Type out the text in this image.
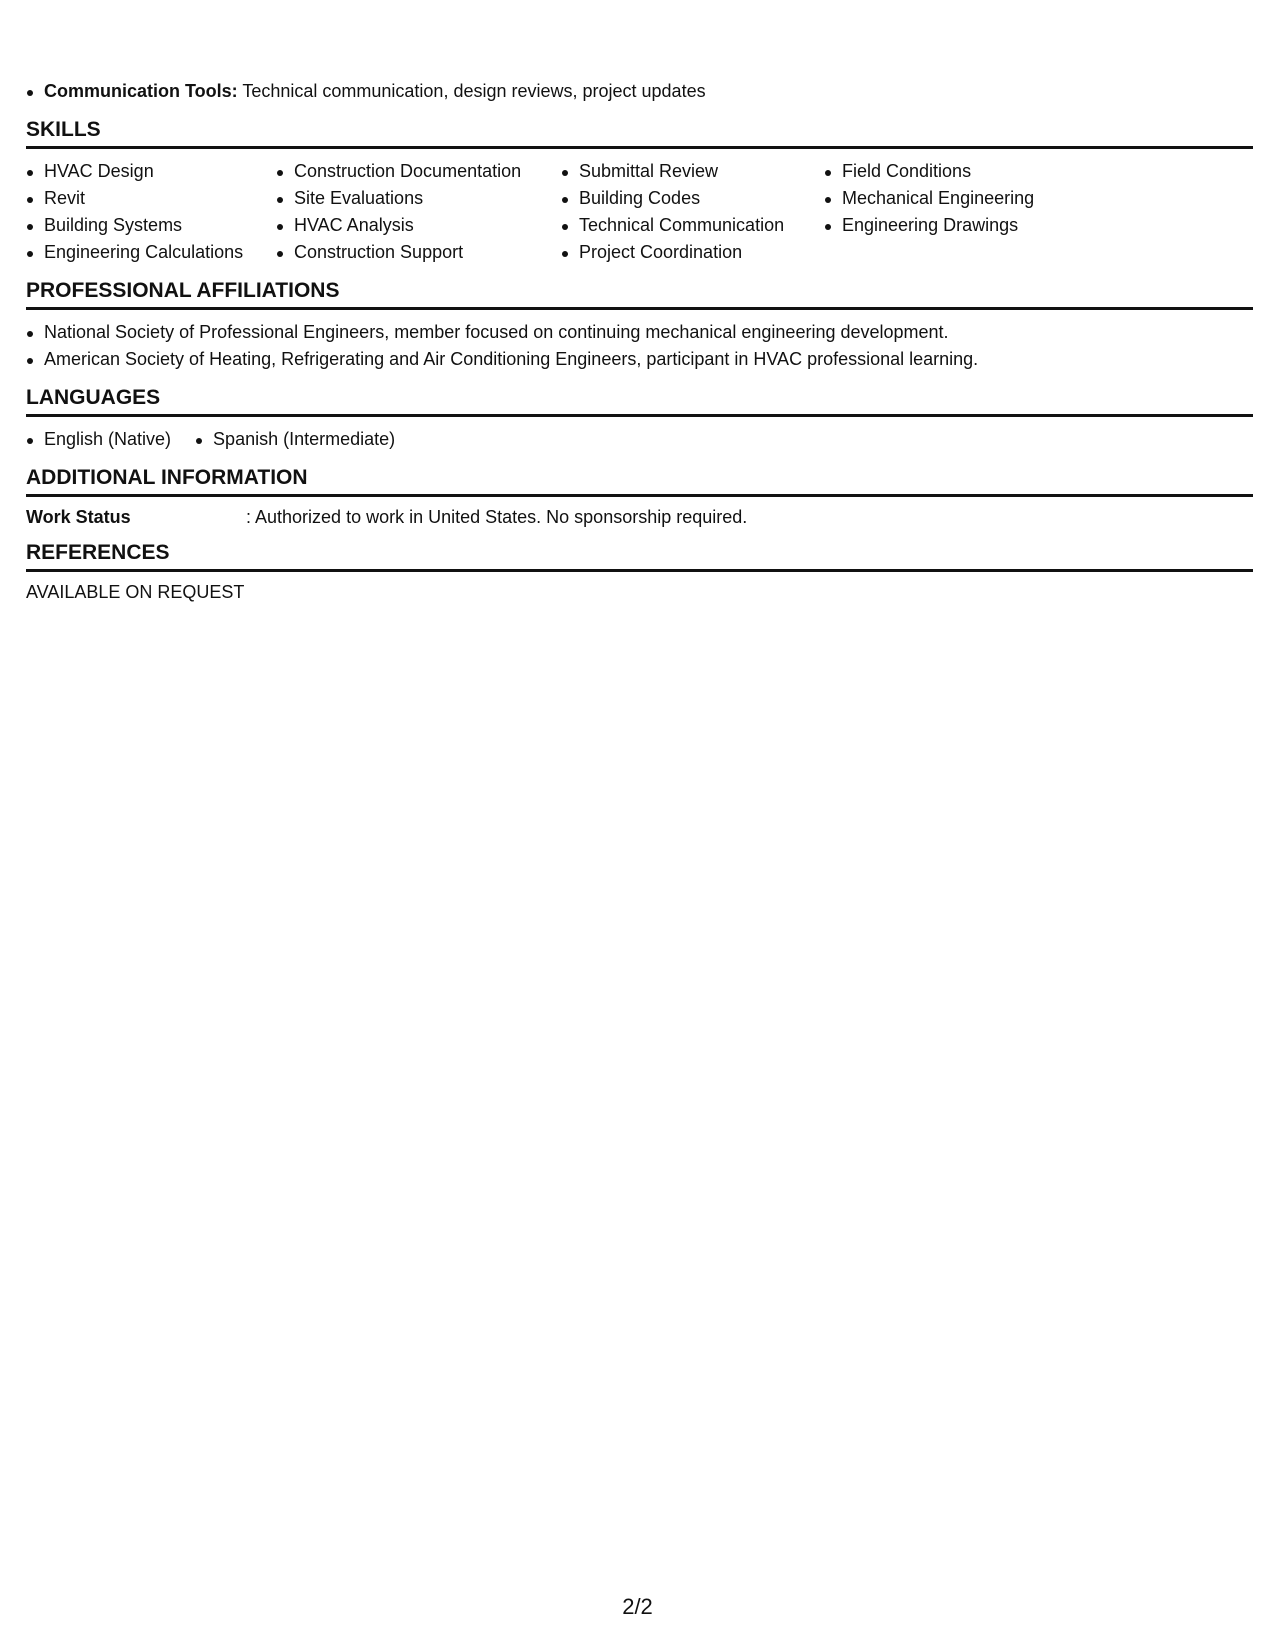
Communication Tools: Technical communication, design reviews, project updates
SKILLS
HVAC Design
Revit
Building Systems
Engineering Calculations
Construction Documentation
Site Evaluations
HVAC Analysis
Construction Support
Submittal Review
Building Codes
Technical Communication
Project Coordination
Field Conditions
Mechanical Engineering
Engineering Drawings
PROFESSIONAL AFFILIATIONS
National Society of Professional Engineers, member focused on continuing mechanical engineering development.
American Society of Heating, Refrigerating and Air Conditioning Engineers, participant in HVAC professional learning.
LANGUAGES
English (Native)	Spanish (Intermediate)
ADDITIONAL INFORMATION
Work Status	: Authorized to work in United States. No sponsorship required.
REFERENCES
AVAILABLE ON REQUEST
2/2
